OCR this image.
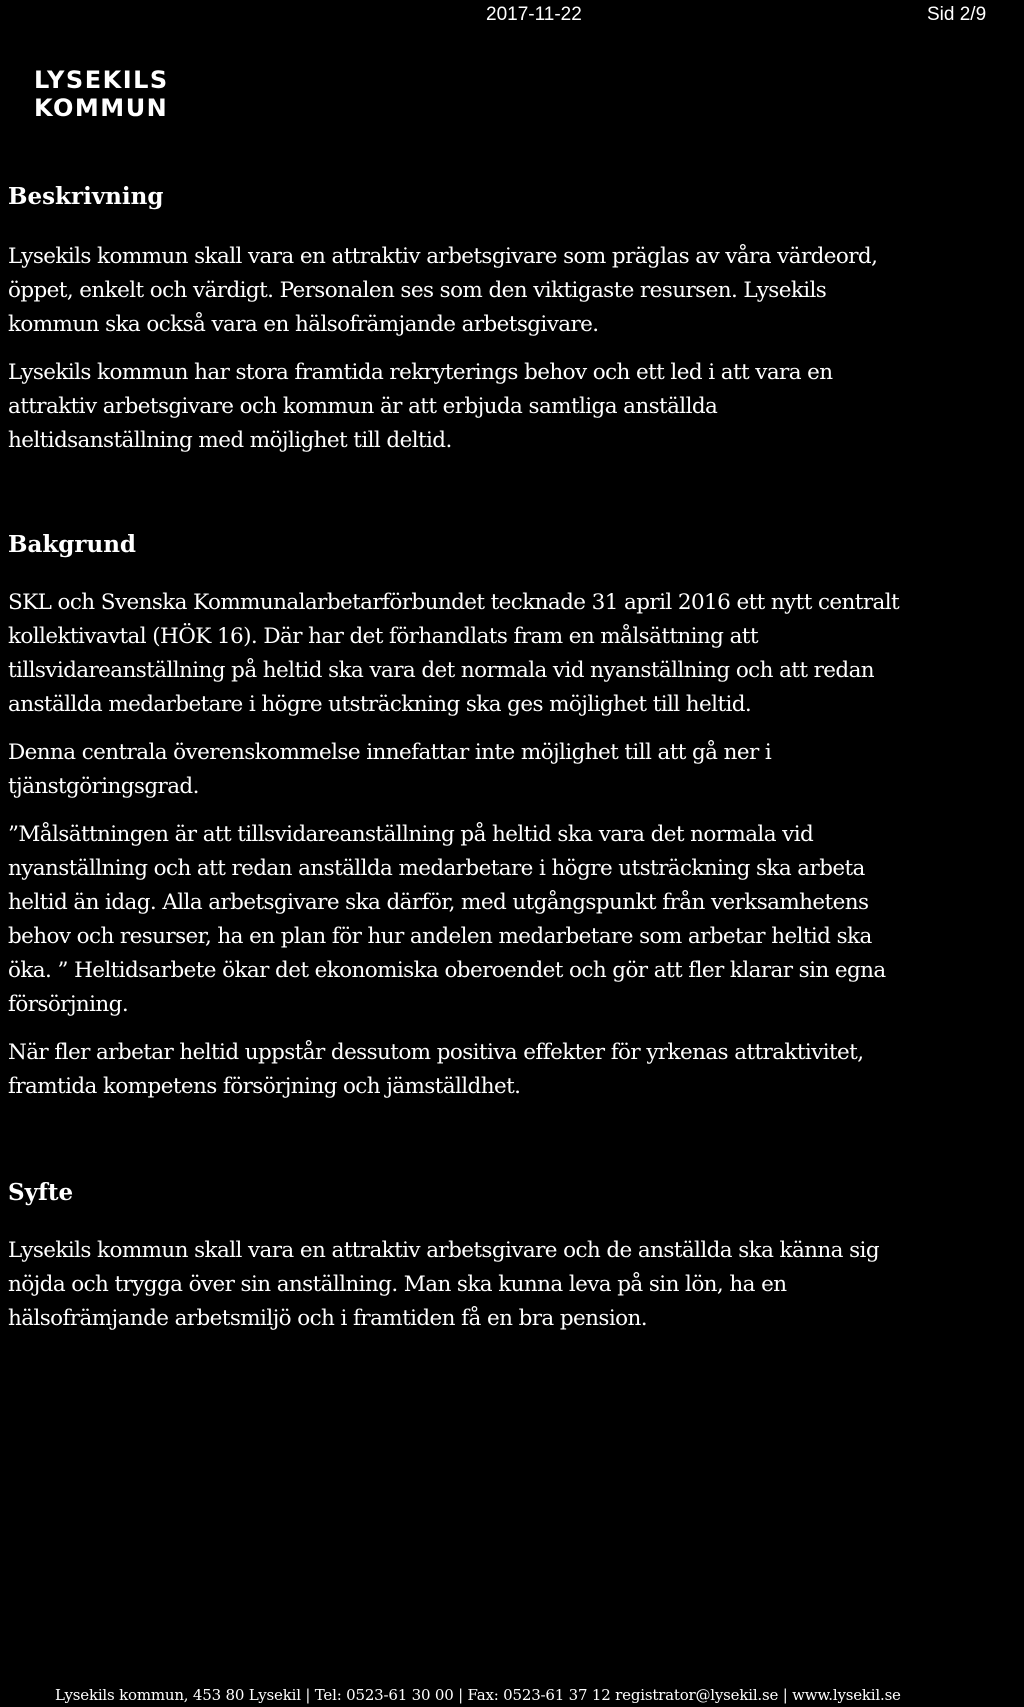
2017-11-22	Sid 2/9
LYSEKILS
KOMMUN
Beskrivning

Lysekils kommun skall vara en attraktiv arbetsgivare som präglas av våra värdeord,
öppet, enkelt och värdigt. Personalen ses som den viktigaste resursen. Lysekils
kommun ska också vara en hälsofrämjande arbetsgivare.

Lysekils kommun har stora framtida rekryterings behov och ett led i att vara en
attraktiv arbetsgivare och kommun är att erbjuda samtliga anställda
heltidsanställning med möjlighet till deltid.

Bakgrund

SKL och Svenska Kommunalarbetarförbundet tecknade 31 april 2016 ett nytt centralt
kollektivavtal (HÖK 16). Där har det förhandlats fram en målsättning att
tillsvidareanställning på heltid ska vara det normala vid nyanställning och att redan
anställda medarbetare i högre utsträckning ska ges möjlighet till heltid.

Denna centrala överenskommelse innefattar inte möjlighet till att gå ner i
tjänstgöringsgrad.

”Målsättningen är att tillsvidareanställning på heltid ska vara det normala vid
nyanställning och att redan anställda medarbetare i högre utsträckning ska arbeta
heltid än idag. Alla arbetsgivare ska därför, med utgångspunkt från verksamhetens
behov och resurser, ha en plan för hur andelen medarbetare som arbetar heltid ska
öka. ” Heltidsarbete ökar det ekonomiska oberoendet och gör att fler klarar sin egna
försörjning.

När fler arbetar heltid uppstår dessutom positiva effekter för yrkenas attraktivitet,
framtida kompetens försörjning och jämställdhet.

Syfte

Lysekils kommun skall vara en attraktiv arbetsgivare och de anställda ska känna sig
nöjda och trygga över sin anställning. Man ska kunna leva på sin lön, ha en
hälsofrämjande arbetsmiljö och i framtiden få en bra pension.

Lysekils kommun, 453 80 Lysekil | Tel: 0523-61 30 00 | Fax: 0523-61 37 12 registrator@lysekil.se | www.lysekil.se
